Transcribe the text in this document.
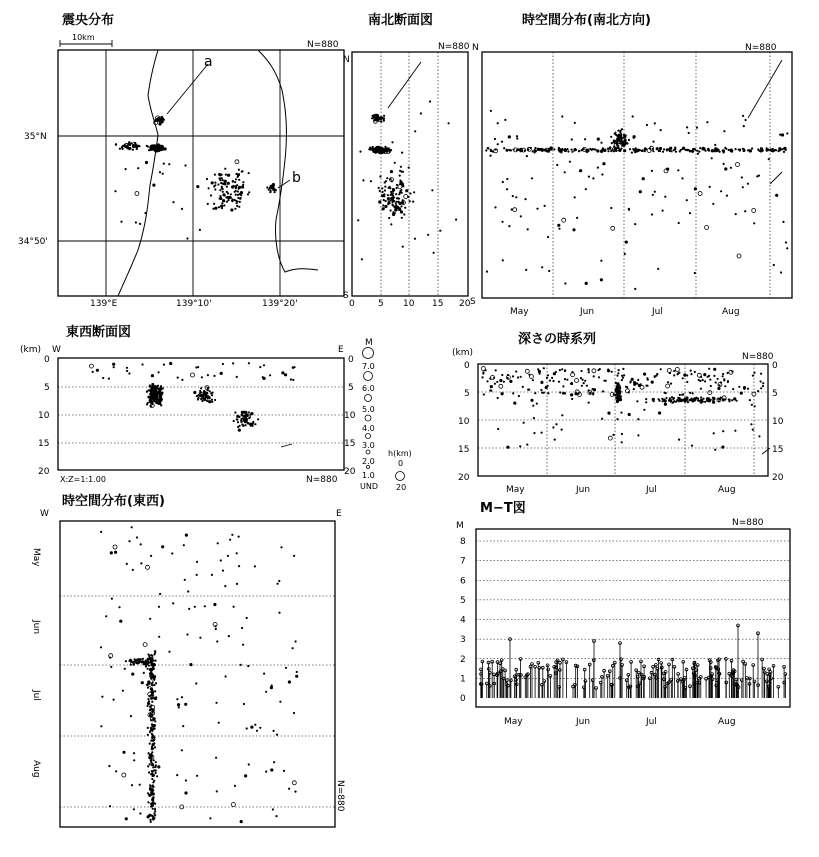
震央分布
N=880
10km
35°N
34°50'
139°E	139°10'	139°20'
a
b
南北断面図
N=880
N
S
0	5 10 15 20
時空間分布(南北方向)
N=880
N
S
May	Jun	Jul	Aug
東西断面図
(km) W	E
0
5
10
15
20
0
5
10
15
20
X:Z=1:1.00	N=880
M
7.0
6.0
5.0
4.0
3.0
2.0
1.0
UND
h(km)
0
20
深さの時系列
(km)	N=880
0
5
10
15
20
0
5
10
15
20
May	Jun	Jul	Aug
時空間分布(東西)
W	E
May
Jun
Jul
Aug
N=880
M−T図
N=880
M
0
1
2
3
4
5
6
7
8
May	Jun	Jul	Aug
